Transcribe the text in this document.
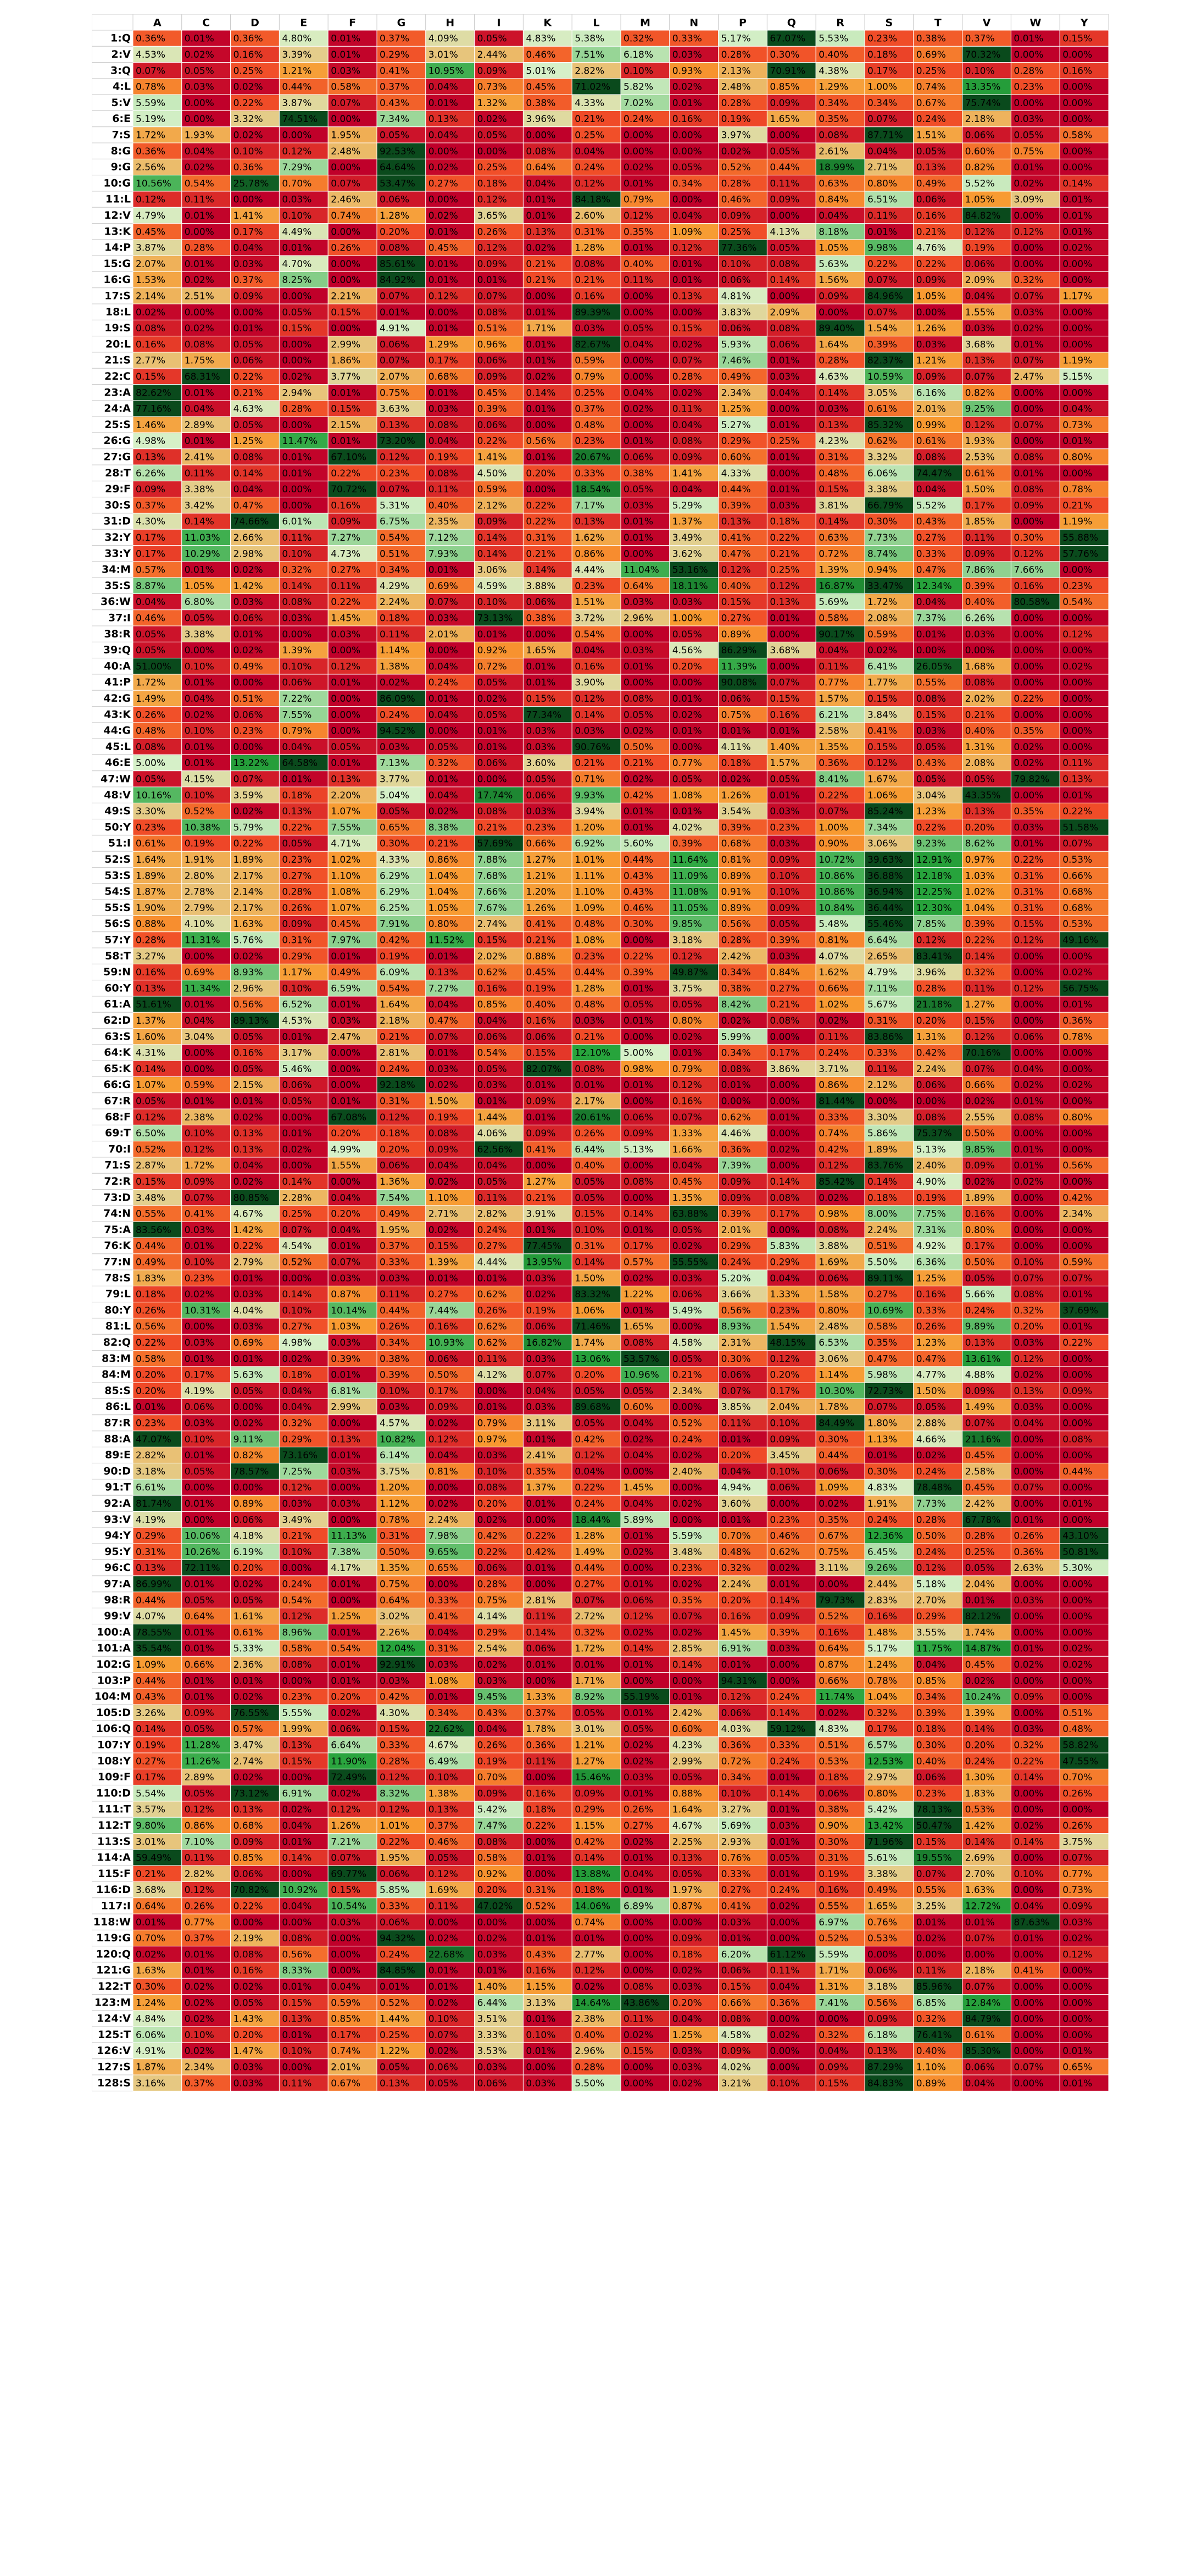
A	C	D	E	F	G	H	I	K	L	M	N	P	Q	R	S	T	V	W	Y
1:Q 0.36% 0.01% 0.36% 4.80% 0.01% 0.37% 4.09% 0.05% 4.83% 5.38% 0.32% 0.33% 5.17% 67.07% 5.53% 0.23% 0.38% 0.37% 0.01% 0.15%
2:V 4.53% 0.02% 0.16% 3.39% 0.01% 0.29% 3.01% 2.44% 0.46% 7.51% 6.18% 0.03% 0.28% 0.30% 0.40% 0.18% 0.69% 70.32% 0.00% 0.00%
3:Q 0.07% 0.05% 0.25% 1.21% 0.03% 0.41% 10.95% 0.09% 5.01% 2.82% 0.10% 0.93% 2.13% 70.91% 4.38% 0.17% 0.25% 0.10% 0.28% 0.16%
4:L 0.78% 0.03% 0.02% 0.44% 0.58% 0.37% 0.04% 0.73% 0.45% 71.02% 5.82% 0.02% 2.48% 0.85% 1.29% 1.00% 0.74% 13.35% 0.23% 0.00%
5:V 5.59% 0.00% 0.22% 3.87% 0.07% 0.43% 0.01% 1.32% 0.38% 4.33% 7.02% 0.01% 0.28% 0.09% 0.34% 0.34% 0.67% 75.74% 0.00% 0.00%
6:E 5.19% 0.00% 3.32% 74.51% 0.00% 7.34% 0.13% 0.02% 3.96% 0.21% 0.24% 0.16% 0.19% 1.65% 0.35% 0.07% 0.24% 2.18% 0.03% 0.00%
7:S 1.72% 1.93% 0.02% 0.00% 1.95% 0.05% 0.04% 0.05% 0.00% 0.25% 0.00% 0.00% 3.97% 0.00% 0.08% 87.71% 1.51% 0.06% 0.05% 0.58%
8:G 0.36% 0.04% 0.10% 0.12% 2.48% 92.53% 0.00% 0.00% 0.08% 0.04% 0.00% 0.00% 0.02% 0.05% 2.61% 0.04% 0.05% 0.60% 0.75% 0.00%
9:G 2.56% 0.02% 0.36% 7.29% 0.00% 64.64% 0.02% 0.25% 0.64% 0.24% 0.02% 0.05% 0.52% 0.44% 18.99% 2.71% 0.13% 0.82% 0.01% 0.00%
10:G 10.56% 0.54% 25.78% 0.70% 0.07% 53.47% 0.27% 0.18% 0.04% 0.12% 0.01% 0.34% 0.28% 0.11% 0.63% 0.80% 0.49% 5.52% 0.02% 0.14%
11:L 0.12% 0.11% 0.00% 0.03% 2.46% 0.06% 0.00% 0.12% 0.01% 84.18% 0.79% 0.00% 0.46% 0.09% 0.84% 6.51% 0.06% 1.05% 3.09% 0.01%
12:V 4.79% 0.01% 1.41% 0.10% 0.74% 1.28% 0.02% 3.65% 0.01% 2.60% 0.12% 0.04% 0.09% 0.00% 0.04% 0.11% 0.16% 84.82% 0.00% 0.01%
13:K 0.45% 0.00% 0.17% 4.49% 0.00% 0.20% 0.01% 0.26% 0.13% 0.31% 0.35% 1.09% 0.25% 4.13% 8.18% 0.01% 0.21% 0.12% 0.12% 0.01%
14:P 3.87% 0.28% 0.04% 0.01% 0.26% 0.08% 0.45% 0.12% 0.02% 1.28% 0.01% 0.12% 77.36% 0.05% 1.05% 9.98% 4.76% 0.19% 0.00% 0.02%
15:G 2.07% 0.01% 0.03% 4.70% 0.00% 85.61% 0.01% 0.09% 0.21% 0.08% 0.40% 0.01% 0.10% 0.08% 5.63% 0.22% 0.22% 0.06% 0.00% 0.00%
16:G 1.53% 0.02% 0.37% 8.25% 0.00% 84.92% 0.01% 0.01% 0.21% 0.21% 0.11% 0.01% 0.06% 0.14% 1.56% 0.07% 0.09% 2.09% 0.32% 0.00%
17:S 2.14% 2.51% 0.09% 0.00% 2.21% 0.07% 0.12% 0.07% 0.00% 0.16% 0.00% 0.13% 4.81% 0.00% 0.09% 84.96% 1.05% 0.04% 0.07% 1.17%
18:L 0.02% 0.00% 0.00% 0.05% 0.15% 0.01% 0.00% 0.08% 0.01% 89.39% 0.00% 0.00% 3.83% 2.09% 0.00% 0.07% 0.00% 1.55% 0.03% 0.00%
19:S 0.08% 0.02% 0.01% 0.15% 0.00% 4.91% 0.01% 0.51% 1.71% 0.03% 0.05% 0.15% 0.06% 0.08% 89.40% 1.54% 1.26% 0.03% 0.02% 0.00%
20:L 0.16% 0.08% 0.05% 0.00% 2.99% 0.06% 1.29% 0.96% 0.01% 82.67% 0.04% 0.02% 5.93% 0.06% 1.64% 0.39% 0.03% 3.68% 0.01% 0.00%
21:S 2.77% 1.75% 0.06% 0.00% 1.86% 0.07% 0.17% 0.06% 0.01% 0.59% 0.00% 0.07% 7.46% 0.01% 0.28% 82.37% 1.21% 0.13% 0.07% 1.19%
22:C 0.15% 68.31% 0.22% 0.02% 3.77% 2.07% 0.68% 0.09% 0.02% 0.79% 0.00% 0.28% 0.49% 0.03% 4.63% 10.59% 0.09% 0.07% 2.47% 5.15%
23:A 82.62% 0.01% 0.21% 2.94% 0.01% 0.75% 0.01% 0.45% 0.14% 0.25% 0.04% 0.02% 2.34% 0.04% 0.14% 3.05% 6.16% 0.82% 0.00% 0.00%
24:A 77.16% 0.04% 4.63% 0.28% 0.15% 3.63% 0.03% 0.39% 0.01% 0.37% 0.02% 0.11% 1.25% 0.00% 0.03% 0.61% 2.01% 9.25% 0.00% 0.04%
25:S 1.46% 2.89% 0.05% 0.00% 2.15% 0.13% 0.08% 0.06% 0.00% 0.48% 0.00% 0.04% 5.27% 0.01% 0.13% 85.32% 0.99% 0.12% 0.07% 0.73%
26:G 4.98% 0.01% 1.25% 11.47% 0.01% 73.20% 0.04% 0.22% 0.56% 0.23% 0.01% 0.08% 0.29% 0.25% 4.23% 0.62% 0.61% 1.93% 0.00% 0.01%
27:G 0.13% 2.41% 0.08% 0.01% 67.10% 0.12% 0.19% 1.41% 0.01% 20.67% 0.06% 0.09% 0.60% 0.01% 0.31% 3.32% 0.08% 2.53% 0.08% 0.80%
28:T 6.26% 0.11% 0.14% 0.01% 0.22% 0.23% 0.08% 4.50% 0.20% 0.33% 0.38% 1.41% 4.33% 0.00% 0.48% 6.06% 74.47% 0.61% 0.01% 0.00%
29:F 0.09% 3.38% 0.04% 0.00% 70.72% 0.07% 0.11% 0.59% 0.00% 18.54% 0.05% 0.04% 0.44% 0.01% 0.15% 3.38% 0.04% 1.50% 0.08% 0.78%
30:S 0.37% 3.42% 0.47% 0.00% 0.16% 5.31% 0.40% 2.12% 0.22% 7.17% 0.03% 5.29% 0.39% 0.03% 3.81% 66.79% 5.52% 0.17% 0.09% 0.21%
31:D 4.30% 0.14% 74.66% 6.01% 0.09% 6.75% 2.35% 0.09% 0.22% 0.13% 0.01% 1.37% 0.13% 0.18% 0.14% 0.30% 0.43% 1.85% 0.00% 1.19%
32:Y 0.17% 11.03% 2.66% 0.11% 7.27% 0.54% 7.12% 0.14% 0.31% 1.62% 0.01% 3.49% 0.41% 0.22% 0.63% 7.73% 0.27% 0.11% 0.30% 55.88%
33:Y 0.17% 10.29% 2.98% 0.10% 4.73% 0.51% 7.93% 0.14% 0.21% 0.86% 0.00% 3.62% 0.47% 0.21% 0.72% 8.74% 0.33% 0.09% 0.12% 57.76%
34:M 0.57% 0.01% 0.02% 0.32% 0.27% 0.34% 0.01% 3.06% 0.14% 4.44% 11.04% 53.16% 0.12% 0.25% 1.39% 0.94% 0.47% 7.86% 7.66% 0.00%
35:S 8.87% 1.05% 1.42% 0.14% 0.11% 4.29% 0.69% 4.59% 3.88% 0.23% 0.64% 18.11% 0.40% 0.12% 16.87% 33.47% 12.34% 0.39% 0.16% 0.23%
36:W 0.04% 6.80% 0.03% 0.08% 0.22% 2.24% 0.07% 0.10% 0.06% 1.51% 0.03% 0.03% 0.15% 0.13% 5.69% 1.72% 0.04% 0.40% 80.58% 0.54%
37:I 0.46% 0.05% 0.06% 0.03% 1.45% 0.18% 0.03% 73.13% 0.38% 3.72% 2.96% 1.00% 0.27% 0.01% 0.58% 2.08% 7.37% 6.26% 0.00% 0.00%
38:R 0.05% 3.38% 0.01% 0.00% 0.03% 0.11% 2.01% 0.01% 0.00% 0.54% 0.00% 0.05% 0.89% 0.00% 90.17% 0.59% 0.01% 0.03% 0.00% 0.12%
39:Q 0.05% 0.00% 0.02% 1.39% 0.00% 1.14% 0.00% 0.92% 1.65% 0.04% 0.03% 4.56% 86.29% 3.68% 0.04% 0.02% 0.00% 0.00% 0.00% 0.00%
40:A 51.00% 0.10% 0.49% 0.10% 0.12% 1.38% 0.04% 0.72% 0.01% 0.16% 0.01% 0.20% 11.39% 0.00% 0.11% 6.41% 26.05% 1.68% 0.00% 0.02%
41:P 1.72% 0.01% 0.00% 0.06% 0.01% 0.02% 0.24% 0.05% 0.01% 3.90% 0.00% 0.00% 90.08% 0.07% 0.77% 1.77% 0.55% 0.08% 0.00% 0.00%
42:G 1.49% 0.04% 0.51% 7.22% 0.00% 86.09% 0.01% 0.02% 0.15% 0.12% 0.08% 0.01% 0.06% 0.15% 1.57% 0.15% 0.08% 2.02% 0.22% 0.00%
43:K 0.26% 0.02% 0.06% 7.55% 0.00% 0.24% 0.04% 0.05% 77.34% 0.14% 0.05% 0.02% 0.75% 0.16% 6.21% 3.84% 0.15% 0.21% 0.00% 0.00%
44:G 0.48% 0.10% 0.23% 0.79% 0.00% 94.52% 0.00% 0.01% 0.03% 0.03% 0.02% 0.01% 0.01% 0.01% 2.58% 0.41% 0.03% 0.40% 0.35% 0.00%
45:L 0.08% 0.01% 0.00% 0.04% 0.05% 0.03% 0.05% 0.01% 0.03% 90.76% 0.50% 0.00% 4.11% 1.40% 1.35% 0.15% 0.05% 1.31% 0.02% 0.00%
46:E 5.00% 0.01% 13.22% 64.58% 0.01% 7.13% 0.32% 0.06% 3.60% 0.21% 0.21% 0.77% 0.18% 1.57% 0.36% 0.12% 0.43% 2.08% 0.02% 0.11%
47:W 0.05% 4.15% 0.07% 0.01% 0.13% 3.77% 0.01% 0.00% 0.05% 0.71% 0.02% 0.05% 0.02% 0.05% 8.41% 1.67% 0.05% 0.05% 79.82% 0.13%
48:V 10.16% 0.10% 3.59% 0.18% 2.20% 5.04% 0.04% 17.74% 0.06% 9.93% 0.42% 1.08% 1.26% 0.01% 0.22% 1.06% 3.04% 43.35% 0.00% 0.01%
49:S 3.30% 0.52% 0.02% 0.13% 1.07% 0.05% 0.02% 0.08% 0.03% 3.94% 0.01% 0.01% 3.54% 0.03% 0.07% 85.24% 1.23% 0.13% 0.35% 0.22%
50:Y 0.23% 10.38% 5.79% 0.22% 7.55% 0.65% 8.38% 0.21% 0.23% 1.20% 0.01% 4.02% 0.39% 0.23% 1.00% 7.34% 0.22% 0.20% 0.03% 51.58%
51:I 0.61% 0.19% 0.22% 0.05% 4.71% 0.30% 0.21% 57.69% 0.66% 6.92% 5.60% 0.39% 0.68% 0.03% 0.90% 3.06% 9.23% 8.62% 0.01% 0.07%
52:S 1.64% 1.91% 1.89% 0.23% 1.02% 4.33% 0.86% 7.88% 1.27% 1.01% 0.44% 11.64% 0.81% 0.09% 10.72% 39.63% 12.91% 0.97% 0.22% 0.53%
53:S 1.89% 2.80% 2.17% 0.27% 1.10% 6.29% 1.04% 7.68% 1.21% 1.11% 0.43% 11.09% 0.89% 0.10% 10.86% 36.88% 12.18% 1.03% 0.31% 0.66%
54:S 1.87% 2.78% 2.14% 0.28% 1.08% 6.29% 1.04% 7.66% 1.20% 1.10% 0.43% 11.08% 0.91% 0.10% 10.86% 36.94% 12.25% 1.02% 0.31% 0.68%
55:S 1.90% 2.79% 2.17% 0.26% 1.07% 6.25% 1.05% 7.67% 1.26% 1.09% 0.46% 11.05% 0.89% 0.09% 10.84% 36.44% 12.30% 1.04% 0.31% 0.68%
56:S 0.88% 4.10% 1.63% 0.09% 0.45% 7.91% 0.80% 2.74% 0.41% 0.48% 0.30% 9.85% 0.56% 0.05% 5.48% 55.46% 7.85% 0.39% 0.15% 0.53%
57:Y 0.28% 11.31% 5.76% 0.31% 7.97% 0.42% 11.52% 0.15% 0.21% 1.08% 0.00% 3.18% 0.28% 0.39% 0.81% 6.64% 0.12% 0.22% 0.12% 49.16%
58:T 3.27% 0.00% 0.02% 0.29% 0.01% 0.19% 0.01% 2.02% 0.88% 0.23% 0.22% 0.12% 2.42% 0.03% 4.07% 2.65% 83.41% 0.14% 0.00% 0.00%
59:N 0.16% 0.69% 8.93% 1.17% 0.49% 6.09% 0.13% 0.62% 0.45% 0.44% 0.39% 49.87% 0.34% 0.84% 1.62% 4.79% 3.96% 0.32% 0.00% 0.02%
60:Y 0.13% 11.34% 2.96% 0.10% 6.59% 0.54% 7.27% 0.16% 0.19% 1.28% 0.01% 3.75% 0.38% 0.27% 0.66% 7.11% 0.28% 0.11% 0.12% 56.75%
61:A 51.61% 0.01% 0.56% 6.52% 0.01% 1.64% 0.04% 0.85% 0.40% 0.48% 0.05% 0.05% 8.42% 0.21% 1.02% 5.67% 21.18% 1.27% 0.00% 0.01%
62:D 1.37% 0.04% 89.13% 4.53% 0.03% 2.18% 0.47% 0.04% 0.16% 0.03% 0.01% 0.80% 0.02% 0.08% 0.02% 0.31% 0.20% 0.15% 0.00% 0.36%
63:S 1.60% 3.04% 0.05% 0.01% 2.47% 0.21% 0.07% 0.06% 0.06% 0.21% 0.00% 0.02% 5.99% 0.00% 0.11% 83.86% 1.31% 0.12% 0.06% 0.78%
64:K 4.31% 0.00% 0.16% 3.17% 0.00% 2.81% 0.01% 0.54% 0.15% 12.10% 5.00% 0.01% 0.34% 0.17% 0.24% 0.33% 0.42% 70.16% 0.00% 0.00%
65:K 0.14% 0.00% 0.05% 5.46% 0.00% 0.24% 0.03% 0.05% 82.07% 0.08% 0.98% 0.79% 0.08% 3.86% 3.71% 0.11% 2.24% 0.07% 0.04% 0.00%
66:G 1.07% 0.59% 2.15% 0.06% 0.00% 92.18% 0.02% 0.03% 0.01% 0.01% 0.01% 0.12% 0.01% 0.00% 0.86% 2.12% 0.06% 0.66% 0.02% 0.02%
67:R 0.05% 0.01% 0.01% 0.05% 0.01% 0.31% 1.50% 0.01% 0.09% 2.17% 0.00% 0.16% 0.00% 0.00% 81.44% 0.00% 0.00% 0.02% 0.01% 0.00%
68:F 0.12% 2.38% 0.02% 0.00% 67.08% 0.12% 0.19% 1.44% 0.01% 20.61% 0.06% 0.07% 0.62% 0.01% 0.33% 3.30% 0.08% 2.55% 0.08% 0.80%
69:T 6.50% 0.10% 0.13% 0.01% 0.20% 0.18% 0.08% 4.06% 0.09% 0.26% 0.09% 1.33% 4.46% 0.00% 0.74% 5.86% 75.37% 0.50% 0.00% 0.00%
70:I 0.52% 0.12% 0.13% 0.02% 4.99% 0.20% 0.09% 62.56% 0.41% 6.44% 5.13% 1.66% 0.36% 0.02% 0.42% 1.89% 5.13% 9.85% 0.01% 0.00%
71:S 2.87% 1.72% 0.04% 0.00% 1.55% 0.06% 0.04% 0.04% 0.00% 0.40% 0.00% 0.04% 7.39% 0.00% 0.12% 83.76% 2.40% 0.09% 0.01% 0.56%
72:R 0.15% 0.09% 0.02% 0.14% 0.00% 1.36% 0.02% 0.05% 1.27% 0.05% 0.08% 0.45% 0.09% 0.14% 85.42% 0.14% 4.90% 0.02% 0.02% 0.00%
73:D 3.48% 0.07% 80.85% 2.28% 0.04% 7.54% 1.10% 0.11% 0.21% 0.05% 0.00% 1.35% 0.09% 0.08% 0.02% 0.18% 0.19% 1.89% 0.00% 0.42%
74:N 0.55% 0.41% 4.67% 0.25% 0.20% 0.49% 2.71% 2.82% 3.91% 0.15% 0.14% 63.88% 0.39% 0.17% 0.98% 8.00% 7.75% 0.16% 0.00% 2.34%
75:A 83.56% 0.03% 1.42% 0.07% 0.04% 1.95% 0.02% 0.24% 0.01% 0.10% 0.01% 0.05% 2.01% 0.00% 0.08% 2.24% 7.31% 0.80% 0.00% 0.00%
76:K 0.44% 0.01% 0.22% 4.54% 0.01% 0.37% 0.15% 0.27% 77.45% 0.31% 0.17% 0.02% 0.29% 5.83% 3.88% 0.51% 4.92% 0.17% 0.00% 0.00%
77:N 0.49% 0.10% 2.79% 0.52% 0.07% 0.33% 1.39% 4.44% 13.95% 0.14% 0.57% 55.55% 0.24% 0.29% 1.69% 5.50% 6.36% 0.50% 0.10% 0.59%
78:S 1.83% 0.23% 0.01% 0.00% 0.03% 0.03% 0.01% 0.01% 0.03% 1.50% 0.02% 0.03% 5.20% 0.04% 0.06% 89.11% 1.25% 0.05% 0.07% 0.07%
79:L 0.18% 0.02% 0.03% 0.14% 0.87% 0.11% 0.27% 0.62% 0.02% 83.32% 1.22% 0.06% 3.66% 1.33% 1.58% 0.27% 0.16% 5.66% 0.08% 0.01%
80:Y 0.26% 10.31% 4.04% 0.10% 10.14% 0.44% 7.44% 0.26% 0.19% 1.06% 0.01% 5.49% 0.56% 0.23% 0.80% 10.69% 0.33% 0.24% 0.32% 37.69%
81:L 0.56% 0.00% 0.03% 0.27% 1.03% 0.26% 0.16% 0.62% 0.06% 71.46% 1.65% 0.00% 8.93% 1.54% 2.48% 0.58% 0.26% 9.89% 0.20% 0.01%
82:Q 0.22% 0.03% 0.69% 4.98% 0.03% 0.34% 10.93% 0.62% 16.82% 1.74% 0.08% 4.58% 2.31% 48.15% 6.53% 0.35% 1.23% 0.13% 0.03% 0.22%
83:M 0.58% 0.01% 0.01% 0.02% 0.39% 0.38% 0.06% 0.11% 0.03% 13.06% 53.57% 0.05% 0.30% 0.12% 3.06% 0.47% 0.47% 13.61% 0.12% 0.00%
84:M 0.20% 0.17% 5.63% 0.18% 0.01% 0.39% 0.50% 4.12% 0.07% 0.20% 10.96% 0.21% 0.06% 0.20% 1.14% 5.98% 4.77% 4.88% 0.02% 0.00%
85:S 0.20% 4.19% 0.05% 0.04% 6.81% 0.10% 0.17% 0.00% 0.04% 0.05% 0.05% 2.34% 0.07% 0.17% 10.30% 72.73% 1.50% 0.09% 0.13% 0.09%
86:L 0.01% 0.06% 0.00% 0.04% 2.99% 0.03% 0.09% 0.01% 0.03% 89.68% 0.60% 0.00% 3.85% 2.04% 1.78% 0.07% 0.05% 1.49% 0.03% 0.00%
87:R 0.23% 0.03% 0.02% 0.32% 0.00% 4.57% 0.02% 0.79% 3.11% 0.05% 0.04% 0.52% 0.11% 0.10% 84.49% 1.80% 2.88% 0.07% 0.04% 0.00%
88:A 47.07% 0.10% 9.11% 0.29% 0.13% 10.82% 0.12% 0.97% 0.01% 0.42% 0.02% 0.24% 0.01% 0.09% 0.30% 1.13% 4.66% 21.16% 0.00% 0.08%
89:E 2.82% 0.01% 0.82% 73.16% 0.01% 6.14% 0.04% 0.03% 2.41% 0.12% 0.04% 0.02% 0.20% 3.45% 0.44% 0.01% 0.02% 0.45% 0.00% 0.00%
90:D 3.18% 0.05% 78.57% 7.25% 0.03% 3.75% 0.81% 0.10% 0.35% 0.04% 0.00% 2.40% 0.04% 0.10% 0.06% 0.30% 0.24% 2.58% 0.00% 0.44%
91:T 6.61% 0.00% 0.00% 0.12% 0.00% 1.20% 0.00% 0.08% 1.37% 0.22% 1.45% 0.00% 4.94% 0.06% 1.09% 4.83% 78.48% 0.45% 0.07% 0.00%
92:A 81.74% 0.01% 0.89% 0.03% 0.03% 1.12% 0.02% 0.20% 0.01% 0.24% 0.04% 0.02% 3.60% 0.00% 0.02% 1.91% 7.73% 2.42% 0.00% 0.01%
93:V 4.19% 0.00% 0.06% 3.49% 0.00% 0.78% 2.24% 0.02% 0.00% 18.44% 5.89% 0.00% 0.01% 0.23% 0.35% 0.24% 0.28% 67.78% 0.01% 0.00%
94:Y 0.29% 10.06% 4.18% 0.21% 11.13% 0.31% 7.98% 0.42% 0.22% 1.28% 0.01% 5.59% 0.70% 0.46% 0.67% 12.36% 0.50% 0.28% 0.26% 43.10%
95:Y 0.31% 10.26% 6.19% 0.10% 7.38% 0.50% 9.65% 0.22% 0.42% 1.49% 0.02% 3.48% 0.48% 0.62% 0.75% 6.45% 0.24% 0.25% 0.36% 50.81%
96:C 0.13% 72.11% 0.20% 0.00% 4.17% 1.35% 0.65% 0.06% 0.01% 0.44% 0.00% 0.23% 0.32% 0.02% 3.11% 9.26% 0.12% 0.05% 2.63% 5.30%
97:A 86.99% 0.01% 0.02% 0.24% 0.01% 0.75% 0.00% 0.28% 0.00% 0.27% 0.01% 0.02% 2.24% 0.01% 0.00% 2.44% 5.18% 2.04% 0.00% 0.00%
98:R 0.44% 0.05% 0.05% 0.54% 0.00% 0.64% 0.33% 0.75% 2.81% 0.07% 0.06% 0.35% 0.20% 0.14% 79.73% 2.83% 2.70% 0.01% 0.03% 0.00%
99:V 4.07% 0.64% 1.61% 0.12% 1.25% 3.02% 0.41% 4.14% 0.11% 2.72% 0.12% 0.07% 0.16% 0.09% 0.52% 0.16% 0.29% 82.12% 0.00% 0.00%
100:A 78.55% 0.01% 0.61% 8.96% 0.01% 2.26% 0.04% 0.29% 0.14% 0.32% 0.02% 0.02% 1.45% 0.39% 0.16% 1.48% 3.55% 1.74% 0.00% 0.00%
101:A 35.54% 0.01% 5.33% 0.58% 0.54% 12.04% 0.31% 2.54% 0.06% 1.72% 0.14% 2.85% 6.91% 0.03% 0.64% 5.17% 11.75% 14.87% 0.01% 0.02%
102:G 1.09% 0.66% 2.36% 0.08% 0.01% 92.91% 0.03% 0.02% 0.01% 0.01% 0.01% 0.14% 0.01% 0.00% 0.87% 1.24% 0.04% 0.45% 0.02% 0.02%
103:P 0.44% 0.01% 0.01% 0.00% 0.01% 0.03% 1.08% 0.03% 0.00% 1.71% 0.00% 0.00% 94.31% 0.00% 0.66% 0.78% 0.85% 0.02% 0.00% 0.00%
104:M 0.43% 0.01% 0.02% 0.23% 0.20% 0.42% 0.01% 9.45% 1.33% 8.92% 55.19% 0.01% 0.12% 0.24% 11.74% 1.04% 0.34% 10.24% 0.09% 0.00%
105:D 3.26% 0.09% 76.55% 5.55% 0.02% 4.30% 0.34% 0.43% 0.37% 0.05% 0.01% 2.42% 0.06% 0.14% 0.02% 0.32% 0.39% 1.39% 0.00% 0.51%
106:Q 0.14% 0.05% 0.57% 1.99% 0.06% 0.15% 22.62% 0.04% 1.78% 3.01% 0.05% 0.60% 4.03% 59.12% 4.83% 0.17% 0.18% 0.14% 0.03% 0.48%
107:Y 0.19% 11.28% 3.47% 0.13% 6.64% 0.33% 4.67% 0.26% 0.36% 1.21% 0.02% 4.23% 0.36% 0.33% 0.51% 6.57% 0.30% 0.20% 0.32% 58.82%
108:Y 0.27% 11.26% 2.74% 0.15% 11.90% 0.28% 6.49% 0.19% 0.11% 1.27% 0.02% 2.99% 0.72% 0.24% 0.53% 12.53% 0.40% 0.24% 0.22% 47.55%
109:F 0.17% 2.89% 0.02% 0.00% 72.49% 0.12% 0.10% 0.70% 0.00% 15.46% 0.03% 0.05% 0.34% 0.01% 0.18% 2.97% 0.06% 1.30% 0.14% 0.70%
110:D 5.54% 0.05% 73.12% 6.91% 0.02% 8.32% 1.38% 0.09% 0.16% 0.09% 0.01% 0.88% 0.10% 0.14% 0.06% 0.80% 0.23% 1.83% 0.00% 0.26%
111:T 3.57% 0.12% 0.13% 0.02% 0.12% 0.12% 0.13% 5.42% 0.18% 0.29% 0.26% 1.64% 3.27% 0.01% 0.38% 5.42% 78.13% 0.53% 0.00% 0.00%
112:T 9.80% 0.86% 0.68% 0.04% 1.26% 1.01% 0.37% 7.47% 0.22% 1.15% 0.27% 4.67% 5.69% 0.03% 0.90% 13.42% 50.47% 1.42% 0.02% 0.26%
113:S 3.01% 7.10% 0.09% 0.01% 7.21% 0.22% 0.46% 0.08% 0.00% 0.42% 0.02% 2.25% 2.93% 0.01% 0.30% 71.96% 0.15% 0.14% 0.14% 3.75%
114:A 59.49% 0.11% 0.85% 0.14% 0.07% 1.95% 0.05% 0.58% 0.01% 0.14% 0.01% 0.13% 0.76% 0.05% 0.31% 5.61% 19.55% 2.69% 0.00% 0.07%
115:F 0.21% 2.82% 0.06% 0.00% 69.77% 0.06% 0.12% 0.92% 0.00% 13.88% 0.04% 0.05% 0.33% 0.01% 0.19% 3.38% 0.07% 2.70% 0.10% 0.77%
116:D 3.68% 0.12% 70.82% 10.92% 0.15% 5.85% 1.69% 0.20% 0.31% 0.18% 0.01% 1.97% 0.27% 0.24% 0.16% 0.49% 0.55% 1.63% 0.00% 0.73%
117:I 0.64% 0.26% 0.22% 0.04% 10.54% 0.33% 0.11% 47.02% 0.52% 14.06% 6.89% 0.87% 0.41% 0.02% 0.55% 1.65% 3.25% 12.72% 0.04% 0.09%
118:W 0.01% 0.77% 0.00% 0.00% 0.03% 0.06% 0.00% 0.00% 0.00% 0.74% 0.00% 0.00% 0.03% 0.00% 6.97% 0.76% 0.01% 0.01% 87.63% 0.03%
119:G 0.70% 0.37% 2.19% 0.08% 0.00% 94.32% 0.02% 0.02% 0.01% 0.01% 0.00% 0.09% 0.01% 0.00% 0.52% 0.53% 0.02% 0.07% 0.01% 0.02%
120:Q 0.02% 0.01% 0.08% 0.56% 0.00% 0.24% 22.68% 0.03% 0.43% 2.77% 0.00% 0.18% 6.20% 61.12% 5.59% 0.00% 0.00% 0.00% 0.00% 0.12%
121:G 1.63% 0.01% 0.16% 8.33% 0.00% 84.85% 0.01% 0.01% 0.16% 0.12% 0.00% 0.02% 0.06% 0.11% 1.71% 0.06% 0.11% 2.18% 0.41% 0.00%
122:T 0.30% 0.02% 0.02% 0.01% 0.04% 0.01% 0.01% 1.40% 1.15% 0.02% 0.08% 0.03% 0.15% 0.04% 1.31% 3.18% 85.96% 0.07% 0.00% 0.00%
123:M 1.24% 0.02% 0.05% 0.15% 0.59% 0.52% 0.02% 6.44% 3.13% 14.64% 43.86% 0.20% 0.66% 0.36% 7.41% 0.56% 6.85% 12.84% 0.00% 0.00%
124:V 4.84% 0.02% 1.43% 0.13% 0.85% 1.44% 0.10% 3.51% 0.01% 2.38% 0.11% 0.04% 0.08% 0.00% 0.00% 0.09% 0.32% 84.79% 0.00% 0.00%
125:T 6.06% 0.10% 0.20% 0.01% 0.17% 0.25% 0.07% 3.33% 0.10% 0.40% 0.02% 1.25% 4.58% 0.02% 0.32% 6.18% 76.41% 0.61% 0.00% 0.00%
126:V 4.91% 0.02% 1.47% 0.10% 0.74% 1.22% 0.02% 3.53% 0.01% 2.96% 0.15% 0.03% 0.09% 0.00% 0.04% 0.13% 0.40% 85.30% 0.00% 0.01%
127:S 1.87% 2.34% 0.03% 0.00% 2.01% 0.05% 0.06% 0.03% 0.00% 0.28% 0.00% 0.03% 4.02% 0.00% 0.09% 87.29% 1.10% 0.06% 0.07% 0.65%
128:S 3.16% 0.37% 0.03% 0.11% 0.67% 0.13% 0.05% 0.06% 0.03% 5.50% 0.00% 0.02% 3.21% 0.10% 0.15% 84.83% 0.89% 0.04% 0.00% 0.01%
